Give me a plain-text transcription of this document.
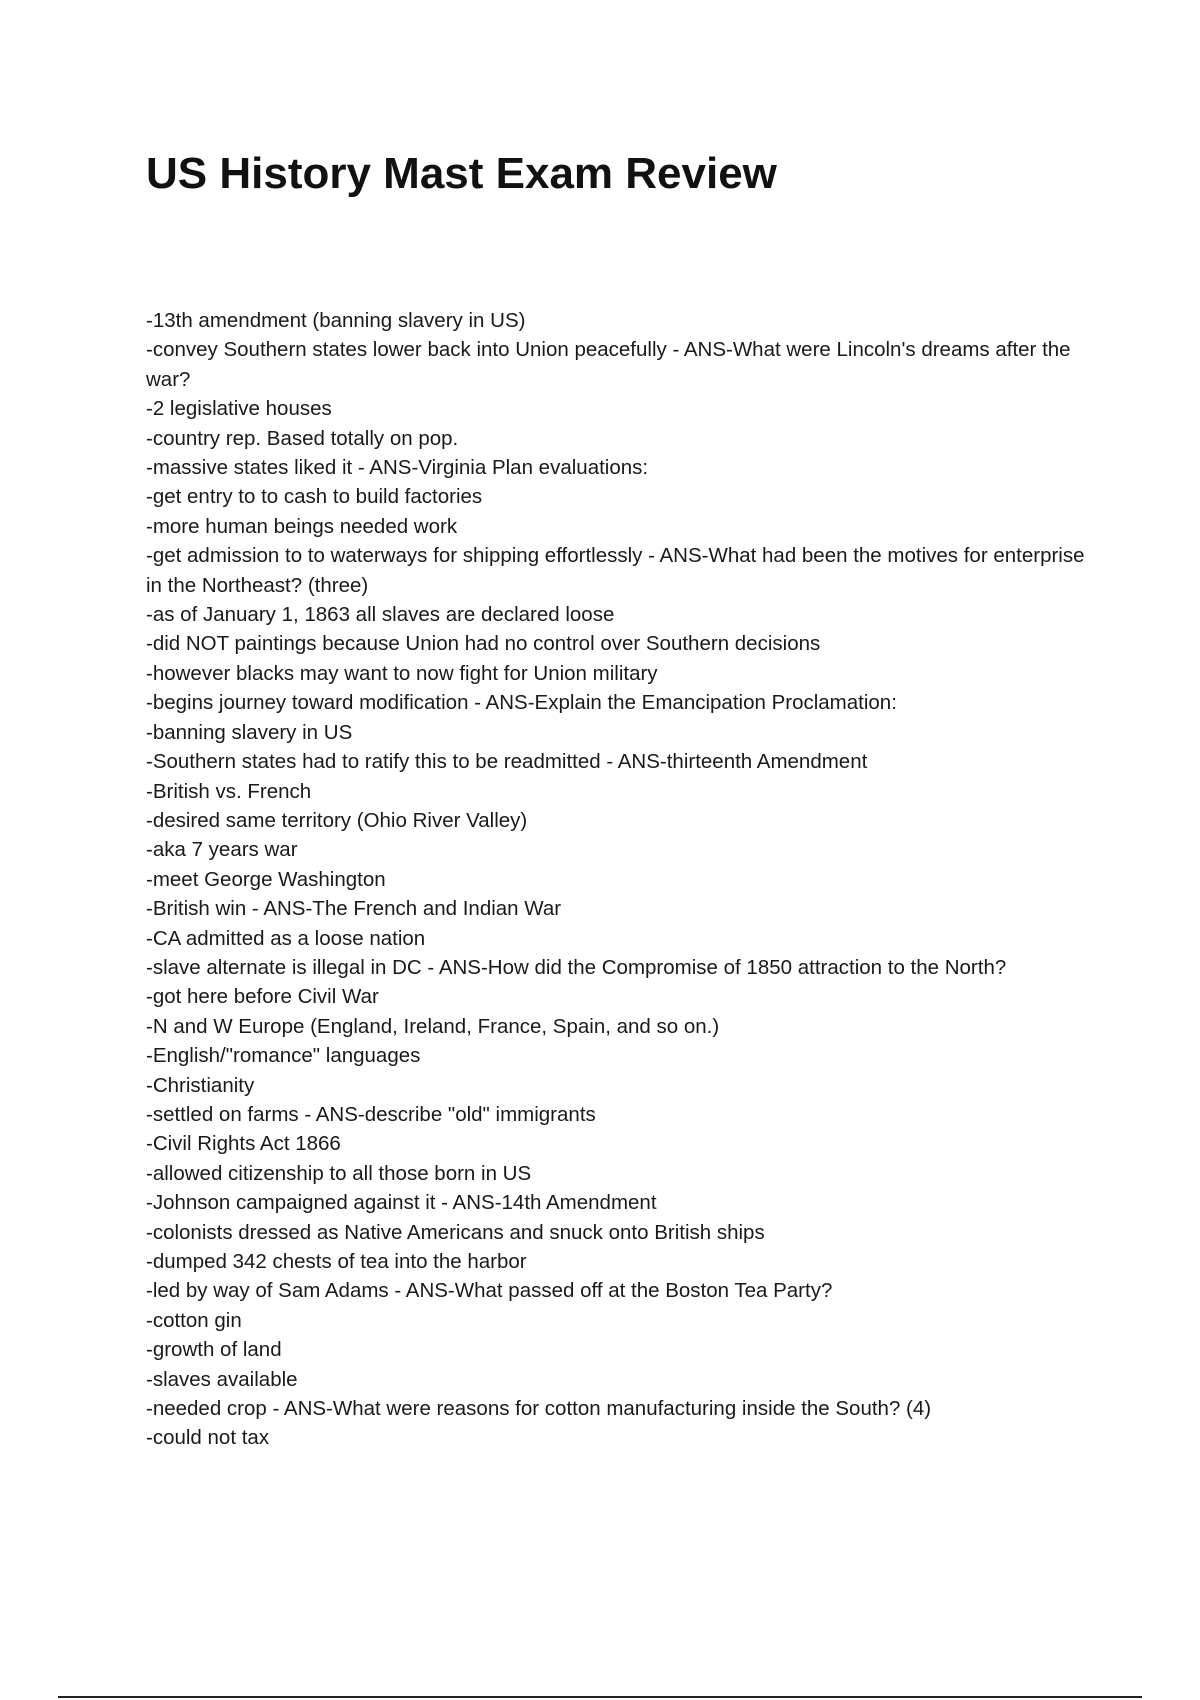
US History Mast Exam Review
-13th amendment (banning slavery in US)
-convey Southern states lower back into Union peacefully - ANS-What were Lincoln's dreams after the war?
-2 legislative houses
-country rep. Based totally on pop.
-massive states liked it - ANS-Virginia Plan evaluations:
-get entry to to cash to build factories
-more human beings needed work
-get admission to to waterways for shipping effortlessly - ANS-What had been the motives for enterprise in the Northeast? (three)
-as of January 1, 1863 all slaves are declared loose
-did NOT paintings because Union had no control over Southern decisions
-however blacks may want to now fight for Union military
-begins journey toward modification - ANS-Explain the Emancipation Proclamation:
-banning slavery in US
-Southern states had to ratify this to be readmitted - ANS-thirteenth Amendment
-British vs. French
-desired same territory (Ohio River Valley)
-aka 7 years war
-meet George Washington
-British win - ANS-The French and Indian War
-CA admitted as a loose nation
-slave alternate is illegal in DC - ANS-How did the Compromise of 1850 attraction to the North?
-got here before Civil War
-N and W Europe (England, Ireland, France, Spain, and so on.)
-English/"romance" languages
-Christianity
-settled on farms - ANS-describe "old" immigrants
-Civil Rights Act 1866
-allowed citizenship to all those born in US
-Johnson campaigned against it - ANS-14th Amendment
-colonists dressed as Native Americans and snuck onto British ships
-dumped 342 chests of tea into the harbor
-led by way of Sam Adams - ANS-What passed off at the Boston Tea Party?
-cotton gin
-growth of land
-slaves available
-needed crop - ANS-What were reasons for cotton manufacturing inside the South? (4)
-could not tax
